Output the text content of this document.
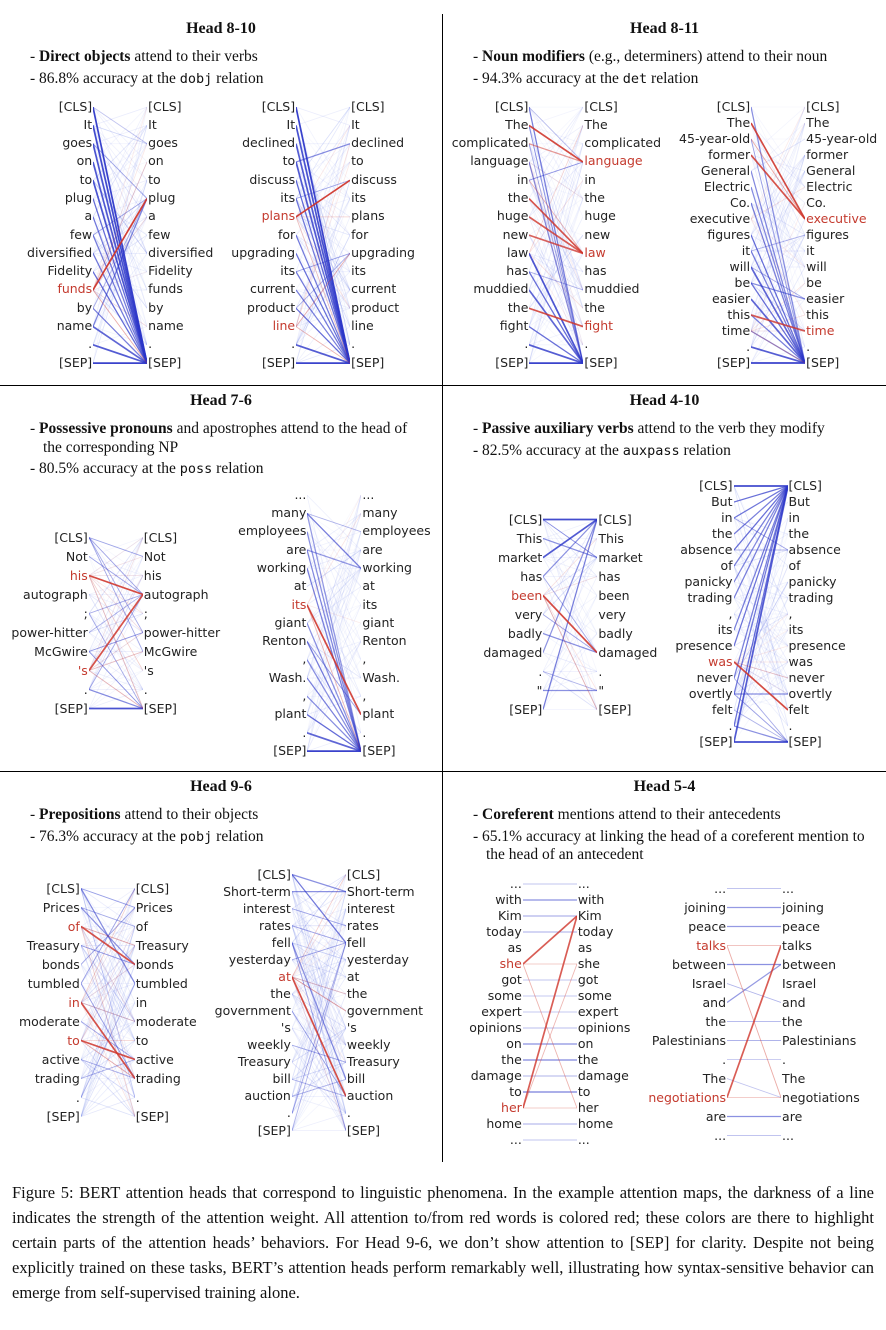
Head 8-10
- Direct objects attend to their verbs
- 86.8% accuracy at the dobj relation
[CLS]
It
goes
on
to
plug
a
few
diversified
Fidelity
funds
by
name
.
[SEP]
[CLS]
It
goes
on
to
plug
a
few
diversified
Fidelity
funds
by
name
.
[SEP]
[CLS]
It
declined
to
discuss
its
plans
for
upgrading
its
current
product
line
.
[SEP]
[CLS]
It
declined
to
discuss
its
plans
for
upgrading
its
current
product
line
.
[SEP]
Head 8-11
- Noun modifiers (e.g., determiners) attend to their noun
- 94.3% accuracy at the det relation
[CLS]
The
complicated
language
in
the
huge
new
law
has
muddied
the
fight
.
[SEP]
[CLS]
The
complicated
language
in
the
huge
new
law
has
muddied
the
fight
.
[SEP]
[CLS]
The
45-year-old
former
General
Electric
Co.
executive
figures
it
will
be
easier
this
time
.
[SEP]
[CLS]
The
45-year-old
former
General
Electric
Co.
executive
figures
it
will
be
easier
this
time
.
[SEP]
Head 7-6
- Possessive pronouns and apostrophes attend to the head of the corresponding NP
- 80.5% accuracy at the poss relation
[CLS]
Not
his
autograph
;
power-hitter
McGwire
's
.
[SEP]
[CLS]
Not
his
autograph
;
power-hitter
McGwire
's
.
[SEP]
...
many
employees
are
working
at
its
giant
Renton
,
Wash.
,
plant
.
[SEP]
...
many
employees
are
working
at
its
giant
Renton
,
Wash.
,
plant
.
[SEP]
Head 4-10
- Passive auxiliary verbs attend to the verb they modify
- 82.5% accuracy at the auxpass relation
[CLS]
This
market
has
been
very
badly
damaged
.
"
[SEP]
[CLS]
This
market
has
been
very
badly
damaged
.
"
[SEP]
[CLS]
But
in
the
absence
of
panicky
trading
,
its
presence
was
never
overtly
felt
.
[SEP]
[CLS]
But
in
the
absence
of
panicky
trading
,
its
presence
was
never
overtly
felt
.
[SEP]
Head 9-6
- Prepositions attend to their objects
- 76.3% accuracy at the pobj relation
[CLS]
Prices
of
Treasury
bonds
tumbled
in
moderate
to
active
trading
.
[SEP]
[CLS]
Prices
of
Treasury
bonds
tumbled
in
moderate
to
active
trading
.
[SEP]
[CLS]
Short-term
interest
rates
fell
yesterday
at
the
government
's
weekly
Treasury
bill
auction
.
[SEP]
[CLS]
Short-term
interest
rates
fell
yesterday
at
the
government
's
weekly
Treasury
bill
auction
.
[SEP]
Head 5-4
- Coreferent mentions attend to their antecedents
- 65.1% accuracy at linking the head of a coreferent mention to the head of an antecedent
...
with
Kim
today
as
she
got
some
expert
opinions
on
the
damage
to
her
home
...
...
with
Kim
today
as
she
got
some
expert
opinions
on
the
damage
to
her
home
...
...
joining
peace
talks
between
Israel
and
the
Palestinians
.
The
negotiations
are
...
...
joining
peace
talks
between
Israel
and
the
Palestinians
.
The
negotiations
are
...

Figure 5: BERT attention heads that correspond to linguistic phenomena. In the example attention maps, the darkness of a line indicates the strength of the attention weight. All attention to/from red words is colored red; these colors are there to highlight certain parts of the attention heads’ behaviors. For Head 9-6, we don’t show attention to [SEP] for clarity. Despite not being explicitly trained on these tasks, BERT’s attention heads perform remarkably well, illustrating how syntax-sensitive behavior can emerge from self-supervised training alone.
